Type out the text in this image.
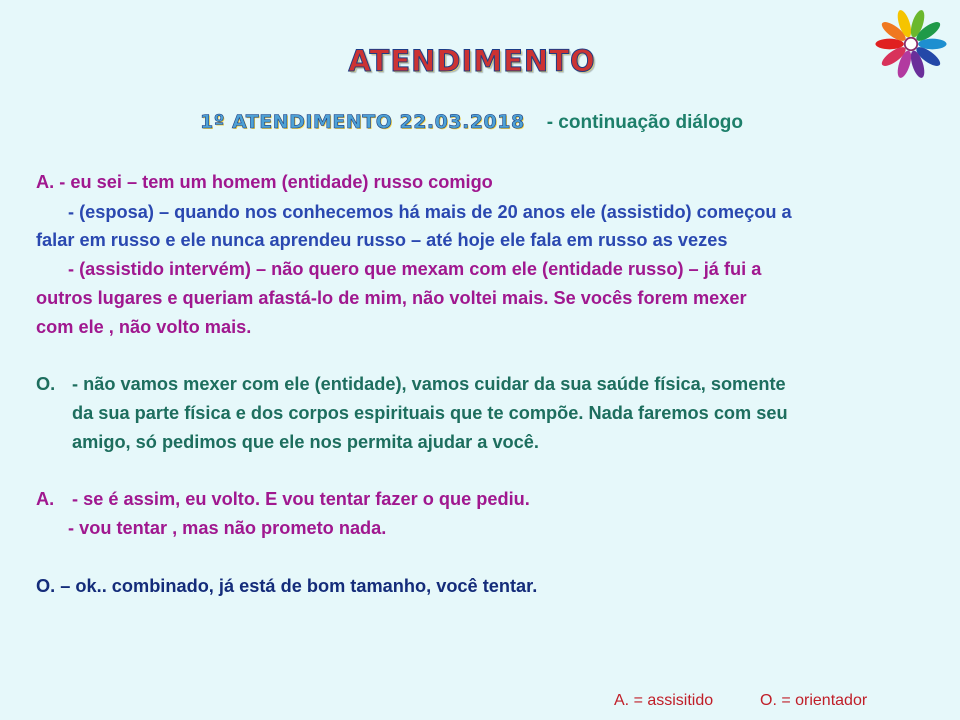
ATENDIMENTO
1º ATENDIMENTO 22.03.2018 - continuação diálogo
A. - eu sei – tem um homem (entidade) russo comigo
- (esposa) – quando nos conhecemos há mais de 20 anos ele (assistido) começou a
falar em russo e ele nunca aprendeu russo – até hoje ele fala em russo as vezes
- (assistido intervém) – não quero que mexam com ele (entidade russo) – já fui a
outros lugares e queriam afastá-lo de mim, não voltei mais. Se vocês forem mexer
com ele , não volto mais.
O. - não vamos mexer com ele (entidade), vamos cuidar da sua saúde física, somente
da sua parte física e dos corpos espirituais que te compõe. Nada faremos com seu
amigo, só pedimos que ele nos permita ajudar a você.
A. - se é assim, eu volto. E vou tentar fazer o que pediu.
- vou tentar , mas não prometo nada.
O. – ok.. combinado, já está de bom tamanho, você tentar.
A. = assisitido	O. = orientador
